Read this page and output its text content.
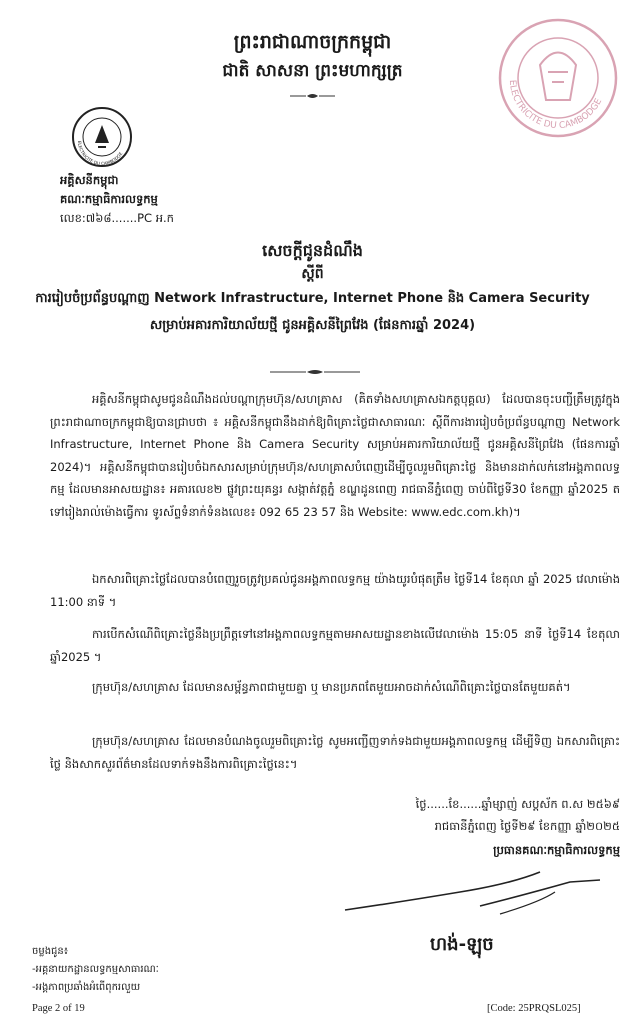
ព្រះរាជាណាចក្រកម្ពុជា
ជាតិ សាសនា ព្រះមហាក្សត្រ
ELECTRICITE DU CAMBODGE
ELECTRICITE DU CAMBODGE
អគ្គិសនីកម្ពុជា
គណៈកម្មាធិការលទ្ធកម្ម
លេខ:៧៦៨.......PC អ.ក
សេចក្តីជូនដំណឹង
ស្តីពី
ការរៀបចំប្រព័ន្ធបណ្តាញ Network Infrastructure, Internet Phone និង Camera Security
សម្រាប់អគារការិយាល័យថ្មី ជូនអគ្គិសនីព្រៃវែង (ផែនការឆ្នាំ 2024)
អគ្គិសនីកម្ពុជាសូមជូនដំណឹងដល់បណ្តាក្រុមហ៊ុន/សហគ្រាស (គិតទាំងសហគ្រាសឯកត្តបុគ្គល) ដែលបានចុះបញ្ជីត្រឹមត្រូវក្នុងព្រះរាជាណាចក្រកម្ពុជាឱ្យបានជ្រាបថា ៖ អគ្គិសនីកម្ពុជានឹងដាក់ឱ្យពិគ្រោះថ្លៃជាសាធារណៈ ស្តីពីការងាររៀបចំប្រព័ន្ធបណ្តាញ Network Infrastructure, Internet Phone និង Camera Security សម្រាប់អគារការិយាល័យថ្មី ជូនអគ្គិសនីព្រៃវែង (ផែនការឆ្នាំ 2024)។ អគ្គិសនីកម្ពុជាបានរៀបចំឯកសារសម្រាប់ក្រុមហ៊ុន/សហគ្រាសបំពេញដើម្បីចូលរួមពិគ្រោះថ្លៃ និងមានដាក់លក់នៅអង្គភាពលទ្ធកម្ម ដែលមានអាសយដ្ឋាន៖ អគារលេខ២ ផ្លូវព្រះយុគន្ធរ សង្កាត់វត្តភ្នំ ខណ្ឌដូនពេញ រាជធានីភ្នំពេញ ចាប់ពីថ្ងៃទី30 ខែកញ្ញា ឆ្នាំ2025 តទៅរៀងរាល់ម៉ោងធ្វើការ ទូរស័ព្ទទំនាក់ទំនងលេខ៖ 092 65 23 57 និង Website: www.edc.com.kh)។
ឯកសារពិគ្រោះថ្លៃដែលបានបំពេញរួចត្រូវប្រគល់ជូនអង្គភាពលទ្ធកម្ម យ៉ាងយូរបំផុតត្រឹម ថ្ងៃទី14 ខែតុលា ឆ្នាំ 2025 វេលាម៉ោង 11:00 នាទី ។
ការបើកសំណើពិគ្រោះថ្លៃនឹងប្រព្រឹត្តទៅនៅអង្គភាពលទ្ធកម្មតាមអាសយដ្ឋានខាងលើវេលាម៉ោង 15:05 នាទី ថ្ងៃទី14 ខែតុលា ឆ្នាំ2025 ។
ក្រុមហ៊ុន/សហគ្រាស ដែលមានសម្ព័ន្ធភាពជាមួយគ្នា ឬ មានប្រភពតែមួយអាចដាក់សំណើពិគ្រោះថ្លៃបានតែមួយគត់។
ក្រុមហ៊ុន/សហគ្រាស ដែលមានបំណងចូលរួមពិគ្រោះថ្លៃ សូមអញ្ជើញទាក់ទងជាមួយអង្គភាពលទ្ធកម្ម ដើម្បីទិញ ឯកសារពិគ្រោះថ្លៃ និងសាកសួរព័ត៌មានដែលទាក់ទងនឹងការពិគ្រោះថ្លៃនេះ។
ថ្ងៃ......ខែ......ឆ្នាំម្សាញ់ សប្តស័ក ព.ស ២៥៦៩
រាជធានីភ្នំពេញ ថ្ងៃទី២៩ ខែកញ្ញា ឆ្នាំ២០២៥
ប្រធានគណៈកម្មាធិការលទ្ធកម្ម
ហង់-ឡុច
ចម្លងជូន៖
-អគ្គនាយកដ្ឋានលទ្ធកម្មសាធារណៈ
-អង្គភាពប្រឆាំងអំពើពុករលួយ
Page 2 of 19	[Code: 25PRQSL025]
